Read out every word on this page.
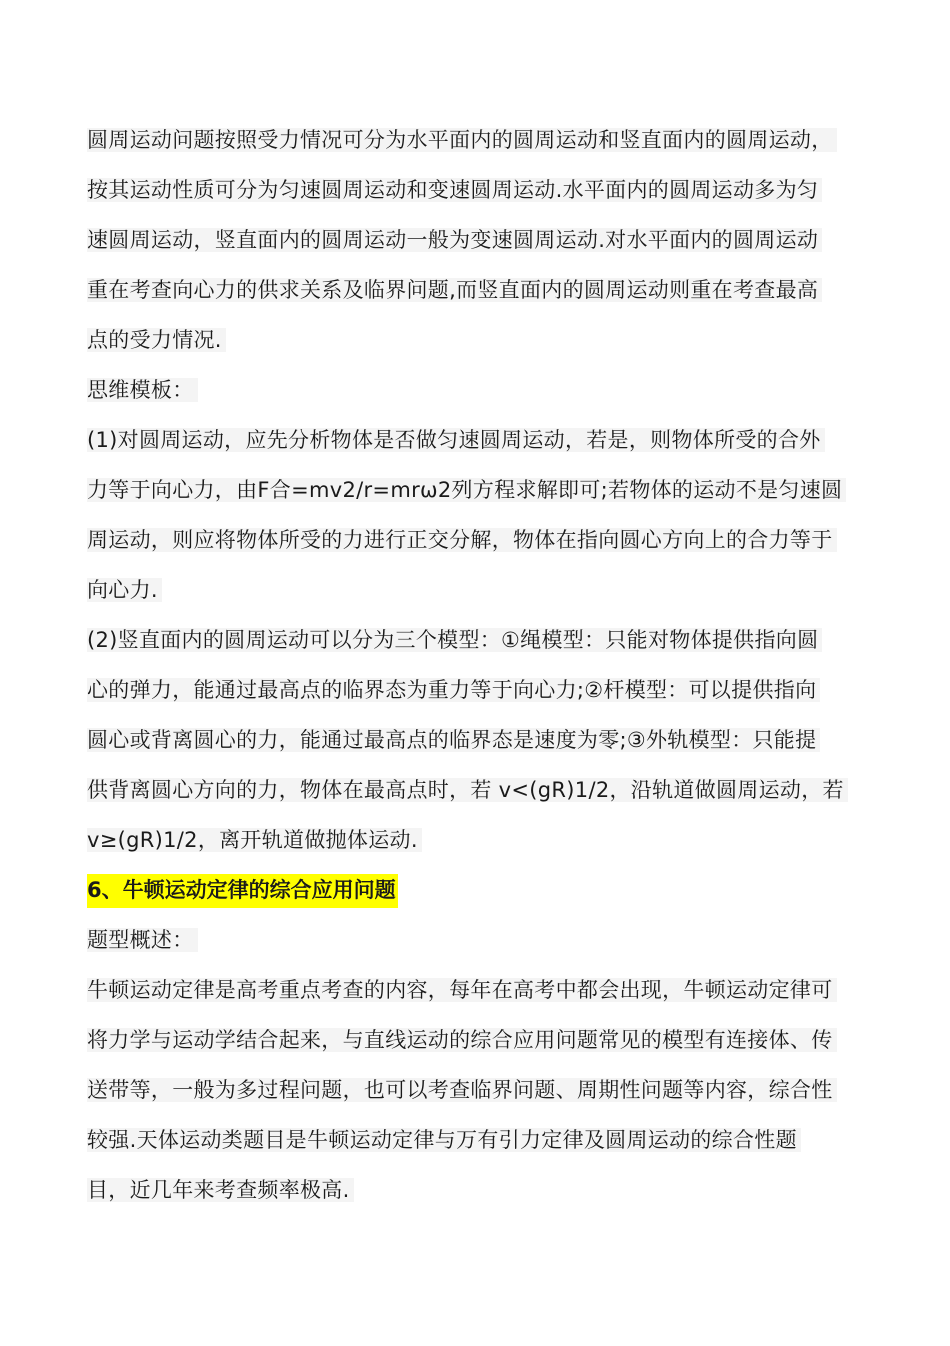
圆周运动问题按照受力情况可分为水平面内的圆周运动和竖直面内的圆周运动，
按其运动性质可分为匀速圆周运动和变速圆周运动.水平面内的圆周运动多为匀
速圆周运动，竖直面内的圆周运动一般为变速圆周运动.对水平面内的圆周运动
重在考查向心力的供求关系及临界问题,而竖直面内的圆周运动则重在考查最高
点的受力情况.
思维模板：
(1)对圆周运动，应先分析物体是否做匀速圆周运动，若是，则物体所受的合外
力等于向心力，由F合=mv2/r=mrω2列方程求解即可;若物体的运动不是匀速圆
周运动，则应将物体所受的力进行正交分解，物体在指向圆心方向上的合力等于
向心力.
(2)竖直面内的圆周运动可以分为三个模型：①绳模型：只能对物体提供指向圆
心的弹力，能通过最高点的临界态为重力等于向心力;②杆模型：可以提供指向
圆心或背离圆心的力，能通过最高点的临界态是速度为零;③外轨模型：只能提
供背离圆心方向的力，物体在最高点时，若 v<(gR)1/2，沿轨道做圆周运动，若
v≥(gR)1/2，离开轨道做抛体运动.
6、牛顿运动定律的综合应用问题
题型概述：
牛顿运动定律是高考重点考查的内容，每年在高考中都会出现，牛顿运动定律可
将力学与运动学结合起来，与直线运动的综合应用问题常见的模型有连接体、传
送带等，一般为多过程问题，也可以考查临界问题、周期性问题等内容，综合性
较强.天体运动类题目是牛顿运动定律与万有引力定律及圆周运动的综合性题
目，近几年来考查频率极高.
